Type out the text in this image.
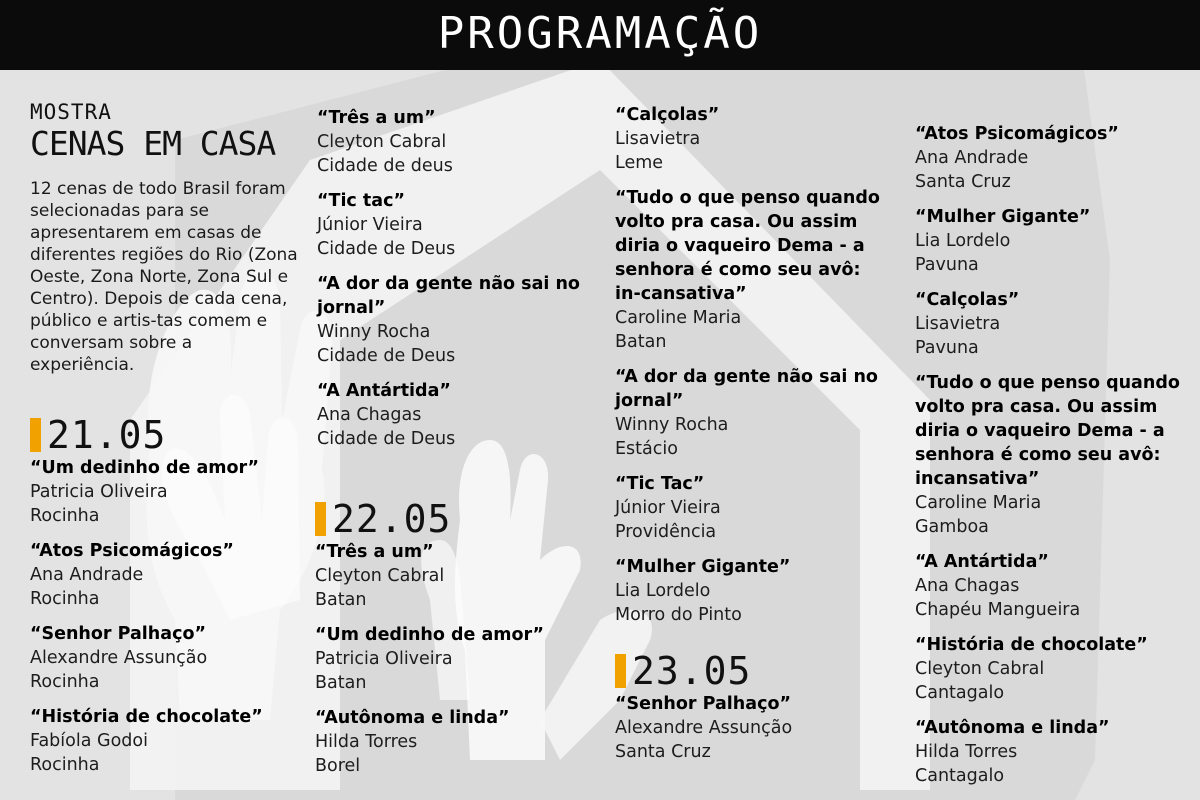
PROGRAMAÇÃO
MOSTRA
CENAS EM CASA
12 cenas de todo Brasil foram selecionadas para se apresentarem em casas de diferentes regiões do Rio (Zona Oeste, Zona Norte, Zona Sul e Centro). Depois de cada cena, público e artis-tas comem e conversam sobre a experiência.
21.05
“Um dedinho de amor”
Patricia Oliveira
Rocinha
“Atos Psicomágicos”
Ana Andrade
Rocinha
“Senhor Palhaço”
Alexandre Assunção
Rocinha
“História de chocolate”
Fabíola Godoi
Rocinha
“Três a um”
Cleyton Cabral
Cidade de deus
“Tic tac”
Júnior Vieira
Cidade de Deus
“A dor da gente não sai no jornal”
Winny Rocha
Cidade de Deus
“A Antártida”
Ana Chagas
Cidade de Deus
22.05
“Três a um”
Cleyton Cabral
Batan
“Um dedinho de amor”
Patricia Oliveira
Batan
“Autônoma e linda”
Hilda Torres
Borel
“Calçolas”
Lisavietra
Leme
“Tudo o que penso quando volto pra casa. Ou assim diria o vaqueiro Dema - a senhora é como seu avô: in-cansativa”
Caroline Maria
Batan
“A dor da gente não sai no jornal”
Winny Rocha
Estácio
“Tic Tac”
Júnior Vieira
Providência
“Mulher Gigante”
Lia Lordelo
Morro do Pinto
23.05
“Senhor Palhaço”
Alexandre Assunção
Santa Cruz
“Atos Psicomágicos”
Ana Andrade
Santa Cruz
“Mulher Gigante”
Lia Lordelo
Pavuna
“Calçolas”
Lisavietra
Pavuna
“Tudo o que penso quando volto pra casa. Ou assim diria o vaqueiro Dema - a senhora é como seu avô: incansativa”
Caroline Maria
Gamboa
“A Antártida”
Ana Chagas
Chapéu Mangueira
“História de chocolate”
Cleyton Cabral
Cantagalo
“Autônoma e linda”
Hilda Torres
Cantagalo
